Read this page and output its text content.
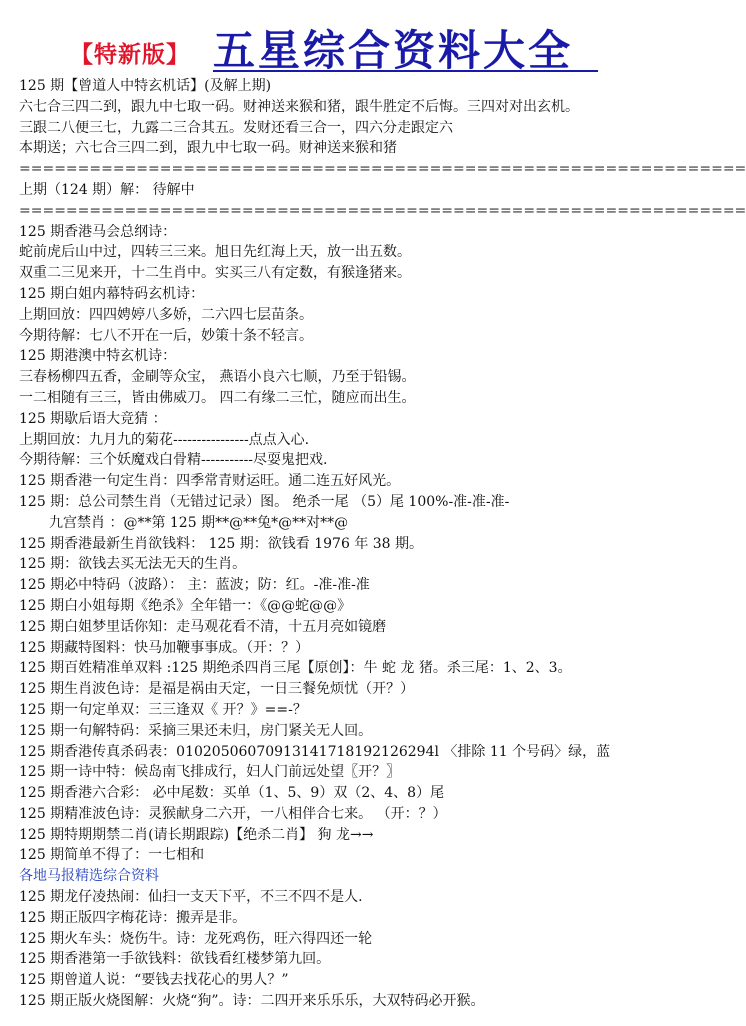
【特新版】 五星综合资料大全
125 期【曾道人中特玄机话】(及解上期)
六七合三四二到，跟九中七取一码。财神送来猴和猪，跟牛胜定不后悔。三四对对出玄机。
三跟二八便三七，九露二三合其五。发财还看三合一，四六分走跟定六
本期送；六七合三四二到，跟九中七取一码。财神送来猴和猪
==============================================================
上期（124 期）解： 待解中
==============================================================
125 期香港马会总纲诗：
蛇前虎后山中过，四转三三来。旭日先红海上天，放一出五数。
双重二三见来开，十二生肖中。实买三八有定数，有猴逢猪来。
125 期白姐内幕特码玄机诗：
上期回放：四四娉婷八多娇，二六四七层苗条。
今期待解：七八不开在一后，妙策十条不轻言。
125 期港澳中特玄机诗：
三春杨柳四五香，金刷等众宝， 燕语小良六七顺，乃至于铅锡。
一二相随有三三，皆由佛威刀。 四二有缘二三忙，随应而出生。
125 期歇后语大竞猜 ：
上期回放：九月九的菊花----------------点点入心.
今期待解：三个妖魔戏白骨精-----------尽耍鬼把戏.
125 期香港一句定生肖：四季常青财运旺。通二连五好风光。
125 期：总公司禁生肖（无错过记录）图。 绝杀一尾 （5）尾 100%-准-准-准-
九宫禁肖 ：@**第 125 期**@**兔*@**对**@
125 期香港最新生肖欲钱料： 125 期：欲钱看 1976 年 38 期。
125 期：欲钱去买无法无天的生肖。
125 期必中特码（波路）： 主：蓝波；防：红。-准-准-准
125 期白小姐每期《绝杀》全年错一：《@@蛇@@》
125 期白姐梦里话你知：走马观花看不清，十五月亮如镜磨
125 期藏特图料：快马加鞭事事成。（开：？）
125 期百姓精准单双料 :125 期绝杀四肖三尾【原创】：牛 蛇 龙 猪。杀三尾：1、2、3。
125 期生肖波色诗：是福是祸由天定，一日三餐免烦忧（开？）
125 期一句定单双：三三逢双《 开？》==-？
125 期一句解特码：采摘三果还未归，房门紧关无人回。
125 期香港传真杀码表：01020506070913141718192126294l 〈排除 11 个号码〉绿，蓝
125 期一诗中特：候岛南飞排成行，妇人门前远处望〖开？〗
125 期香港六合彩： 必中尾数：买单（1、5、9）双（2、4、8）尾
125 期精准波色诗：灵猴献身二六开，一八相伴合七来。 （开：？）
125 期特期期禁二肖(请长期跟踪)【绝杀二肖】 狗 龙→→
125 期简单不得了：一七相和
各地马报精选综合资料
125 期龙仔凌热闹：仙扫一支天下平，不三不四不是人.
125 期正版四字梅花诗：搬弄是非。
125 期火车头：烧伤牛。诗：龙死鸡伤，旺六得四还一轮
125 期香港第一手欲钱料：欲钱看红楼梦第九回。
125 期曾道人说：“要钱去找花心的男人？”
125 期正版火烧图解：火烧“狗”。诗：二四开来乐乐乐，大双特码必开猴。
